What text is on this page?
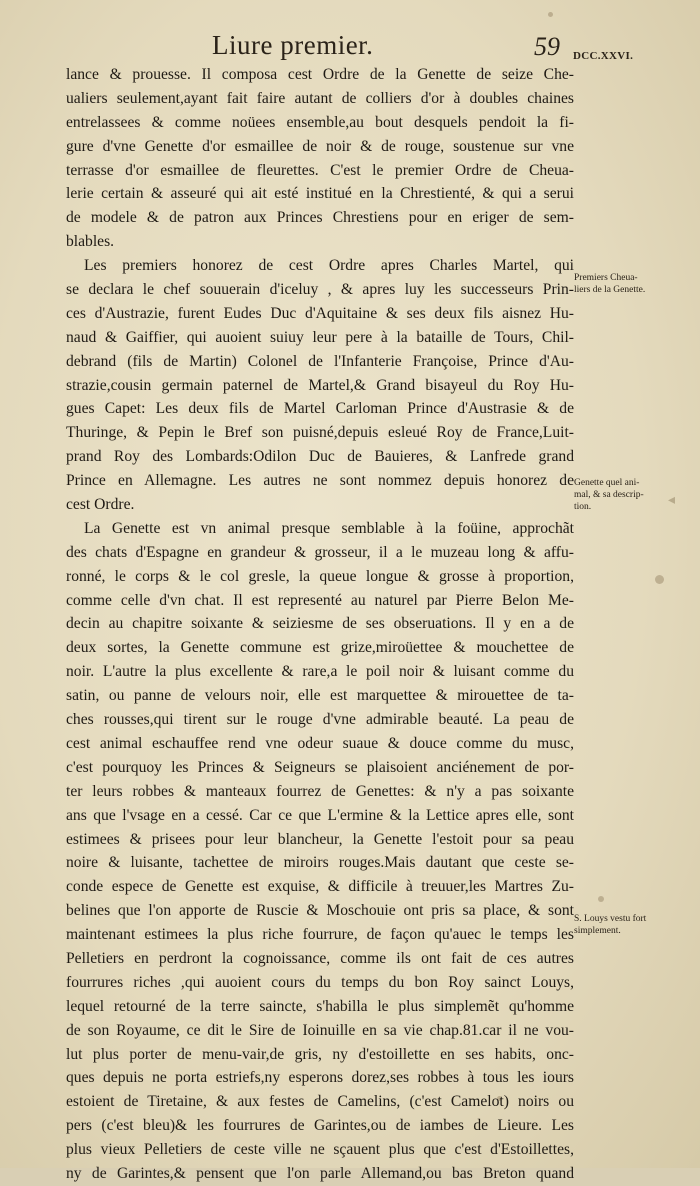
◂
Liure premier.	59 DCC.XXVI.
lance & prouesse. Il composa cest Ordre de la Genette de seize Che-
ualiers seulement,ayant fait faire autant de colliers d'or à doubles chaines
entrelassees & comme noüees ensemble,au bout desquels pendoit la fi-
gure d'vne Genette d'or esmaillee de noir & de rouge, soustenue sur vne
terrasse d'or esmaillee de fleurettes. C'est le premier Ordre de Cheua-
lerie certain & asseuré qui ait esté institué en la Chrestienté, & qui a serui
de modele & de patron aux Princes Chrestiens pour en eriger de sem-
blables.
Les premiers honorez de cest Ordre apres Charles Martel, qui
se declara le chef souuerain d'iceluy , & apres luy les successeurs Prin-
ces d'Austrazie, furent Eudes Duc d'Aquitaine & ses deux fils aisnez Hu-
naud & Gaiffier, qui auoient suiuy leur pere à la bataille de Tours, Chil-
debrand (fils de Martin) Colonel de l'Infanterie Françoise, Prince d'Au-
strazie,cousin germain paternel de Martel,& Grand bisayeul du Roy Hu-
gues Capet: Les deux fils de Martel Carloman Prince d'Austrasie & de
Thuringe, & Pepin le Bref son puisné,depuis esleué Roy de France,Luit-
prand Roy des Lombards:Odilon Duc de Bauieres, & Lanfrede grand
Prince en Allemagne. Les autres ne sont nommez depuis honorez de
cest Ordre.
La Genette est vn animal presque semblable à la foüine, approchãt
des chats d'Espagne en grandeur & grosseur, il a le muzeau long & affu-
ronné, le corps & le col gresle, la queue longue & grosse à proportion,
comme celle d'vn chat. Il est representé au naturel par Pierre Belon Me-
decin au chapitre soixante & seiziesme de ses obseruations. Il y en a de
deux sortes, la Genette commune est grize,miroüettee & mouchettee de
noir. L'autre la plus excellente & rare,a le poil noir & luisant comme du
satin, ou panne de velours noir, elle est marquettee & mirouettee de ta-
ches rousses,qui tirent sur le rouge d'vne admirable beauté. La peau de
cest animal eschauffee rend vne odeur suaue & douce comme du musc,
c'est pourquoy les Princes & Seigneurs se plaisoient anciénement de por-
ter leurs robbes & manteaux fourrez de Genettes: & n'y a pas soixante
ans que l'vsage en a cessé. Car ce que L'ermine & la Lettice apres elle, sont
estimees & prisees pour leur blancheur, la Genette l'estoit pour sa peau
noire & luisante, tachettee de miroirs rouges.Mais dautant que ceste se-
conde espece de Genette est exquise, & difficile à treuuer,les Martres Zu-
belines que l'on apporte de Ruscie & Moschouie ont pris sa place, & sont
maintenant estimees la plus riche fourrure, de façon qu'auec le temps les
Pelletiers en perdront la cognoissance, comme ils ont fait de ces autres
fourrures riches ,qui auoient cours du temps du bon Roy sainct Louys,
lequel retourné de la terre saincte, s'habilla le plus simplemẽt qu'homme
de son Royaume, ce dit le Sire de Ioinuille en sa vie chap.81.car il ne vou-
lut plus porter de menu-vair,de gris, ny d'estoillette en ses habits, onc-
ques depuis ne porta estriefs,ny esperons dorez,ses robbes à tous les iours
estoient de Tiretaine, & aux festes de Camelins, (c'est Camelot) noirs ou
pers (c'est bleu)& les fourrures de Garintes,ou de iambes de Lieure. Les
plus vieux Pelletiers de ceste ville ne sçauent plus que c'est d'Estoillettes,
ny de Garintes,& pensent que l'on parle Allemand,ou bas Breton quand
Premiers Cheua-
liers de la Genette.
Genette quel ani-
mal, & sa descrip-
tion.
S. Louys vestu fort
simplement.
